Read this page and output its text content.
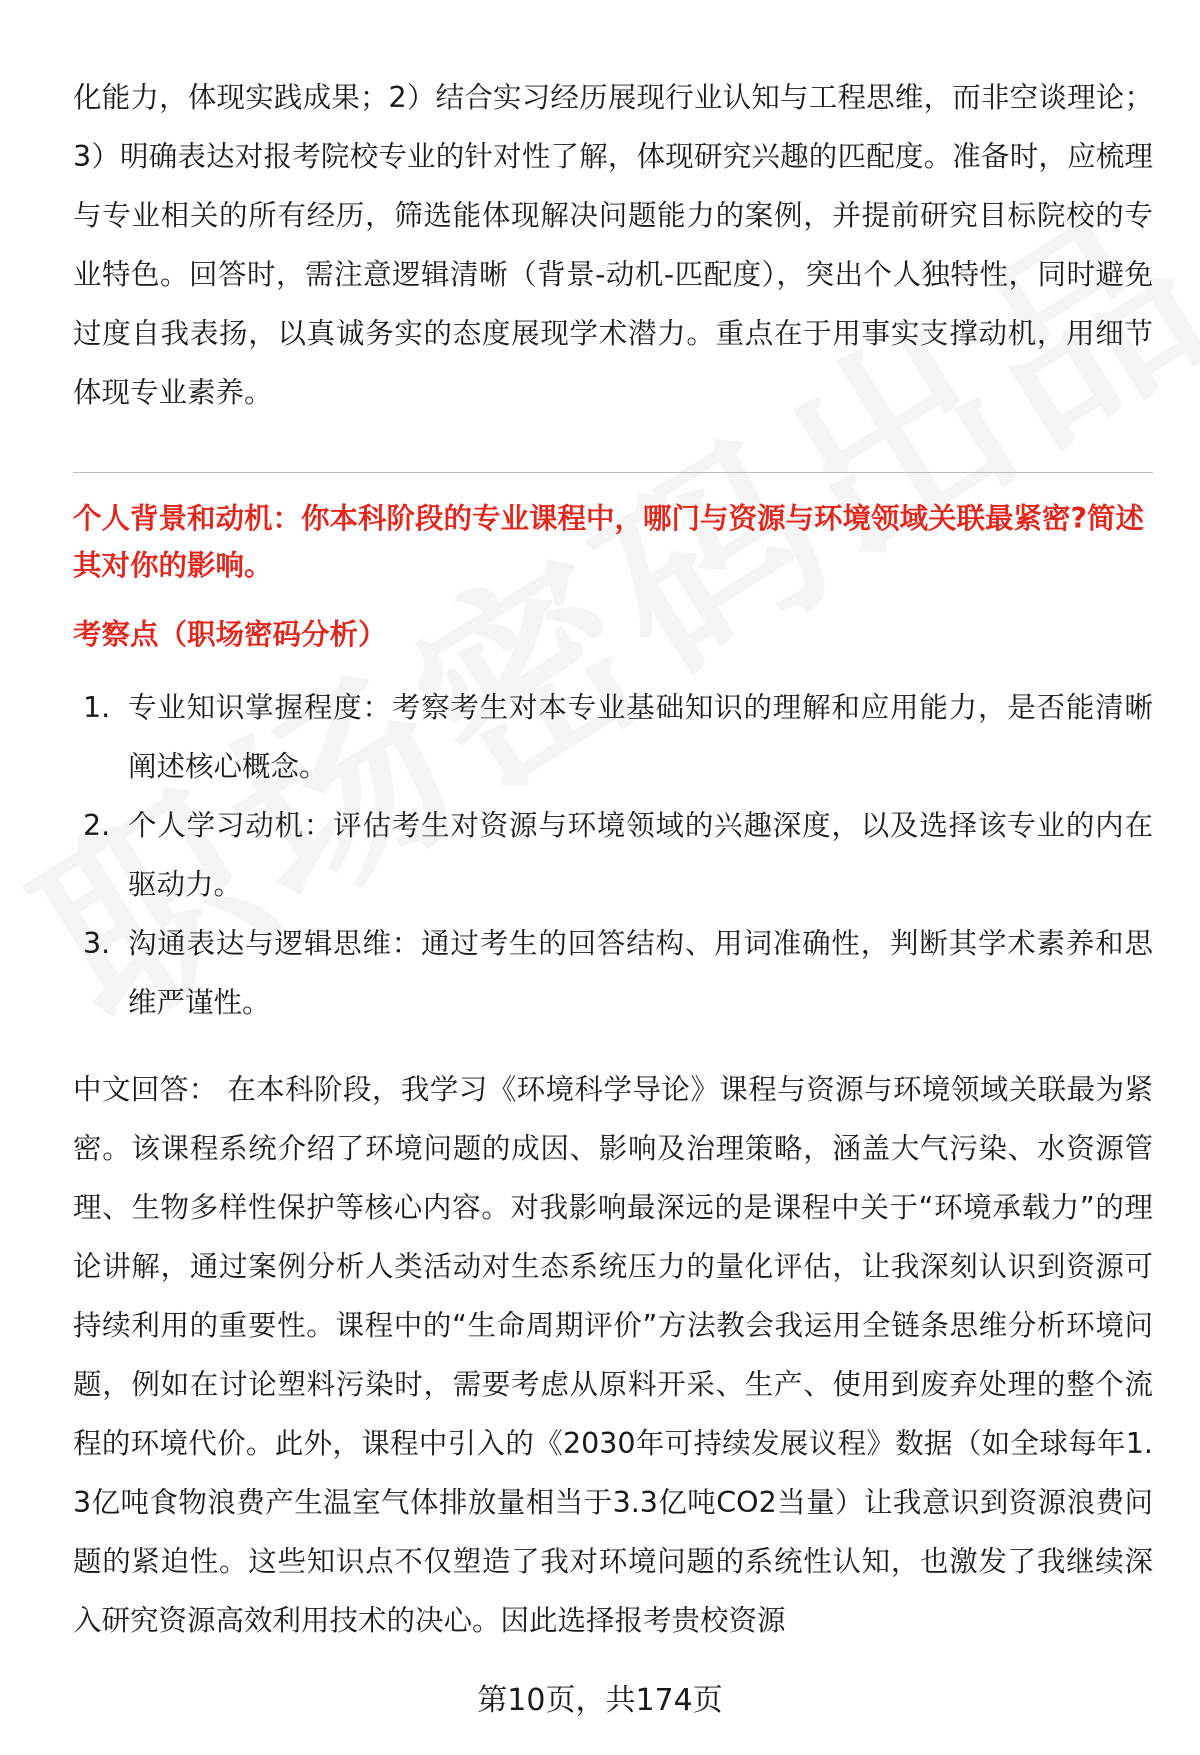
化能力，体现实践成果；2）结合实习经历展现行业认知与工程思维，而非空谈理论；3）明确表达对报考院校专业的针对性了解，体现研究兴趣的匹配度。准备时，应梳理与专业相关的所有经历，筛选能体现解决问题能力的案例，并提前研究目标院校的专业特色。回答时，需注意逻辑清晰（背景-动机-匹配度），突出个人独特性，同时避免过度自我表扬，以真诚务实的态度展现学术潜力。重点在于用事实支撑动机，用细节体现专业素养。

个人背景和动机：你本科阶段的专业课程中，哪门与资源与环境领域关联最紧密?简述其对你的影响。

考察点（职场密码分析）

1. 专业知识掌握程度：考察考生对本专业基础知识的理解和应用能力，是否能清晰阐述核心概念。
2. 个人学习动机：评估考生对资源与环境领域的兴趣深度，以及选择该专业的内在驱动力。
3. 沟通表达与逻辑思维：通过考生的回答结构、用词准确性，判断其学术素养和思维严谨性。

中文回答： 在本科阶段，我学习《环境科学导论》课程与资源与环境领域关联最为紧密。该课程系统介绍了环境问题的成因、影响及治理策略，涵盖大气污染、水资源管理、生物多样性保护等核心内容。对我影响最深远的是课程中关于“环境承载力”的理论讲解，通过案例分析人类活动对生态系统压力的量化评估，让我深刻认识到资源可持续利用的重要性。课程中的“生命周期评价”方法教会我运用全链条思维分析环境问题，例如在讨论塑料污染时，需要考虑从原料开采、生产、使用到废弃处理的整个流程的环境代价。此外，课程中引入的《2030年可持续发展议程》数据（如全球每年1.3亿吨食物浪费产生温室气体排放量相当于3.3亿吨CO2当量）让我意识到资源浪费问题的紧迫性。这些知识点不仅塑造了我对环境问题的系统性认知，也激发了我继续深入研究资源高效利用技术的决心。因此选择报考贵校资源

第10页，共174页
